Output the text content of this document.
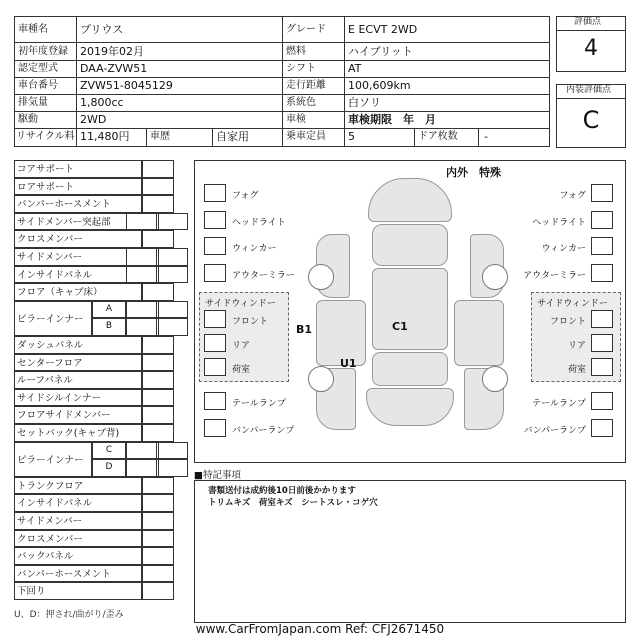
車種名	プリウス	グレード E ECVT 2WD
初年度登録 2019年02月	燃料	ハイブリット
認定型式 DAA-ZVW51	シフト	AT
車台番号 ZVW51-8045129	走行距離 100,609km
排気量	1,800cc	系統色	白ソリ
駆動	2WD	車検	車検期限　年　月
リサイクル料 11,480円 車歴	自家用	乗車定員 5	ドア枚数 -
評価点
4
内装評価点
C
コアサポート
ロアサポート
バンパーホースメント
サイドメンバー突起部
クロスメンバー
サイドメンバー
インサイドパネル
フロア（キャブ床）
ピラーインナー
A
B
ダッシュパネル
センターフロア
ルーフパネル
サイドシルインナー
フロアサイドメンバー
セットバック(キャブ背)
ピラーインナー
C
D
トランクフロア
インサイドパネル
サイドメンバー
クロスメンバー
バックパネル
バンパーホースメント
下回り
U、D：押され/曲がり/歪み
内外　特殊
B1	C1
U1
フォグ
ヘッドライト
ウィンカー
アウターミラー
サイドウィンドー
フロント
リア
荷室
テールランプ
バンパーランプ
フォグ
ヘッドライト
ウィンカー
アウターミラー
サイドウィンドー
フロント
リア
荷室
テールランプ
バンパーランプ
■特記事項
書類送付は成約後10日前後かかります
トリムキズ　荷室キズ　シートスレ・コゲ穴
www.CarFromJapan.com Ref: CFJ2671450
